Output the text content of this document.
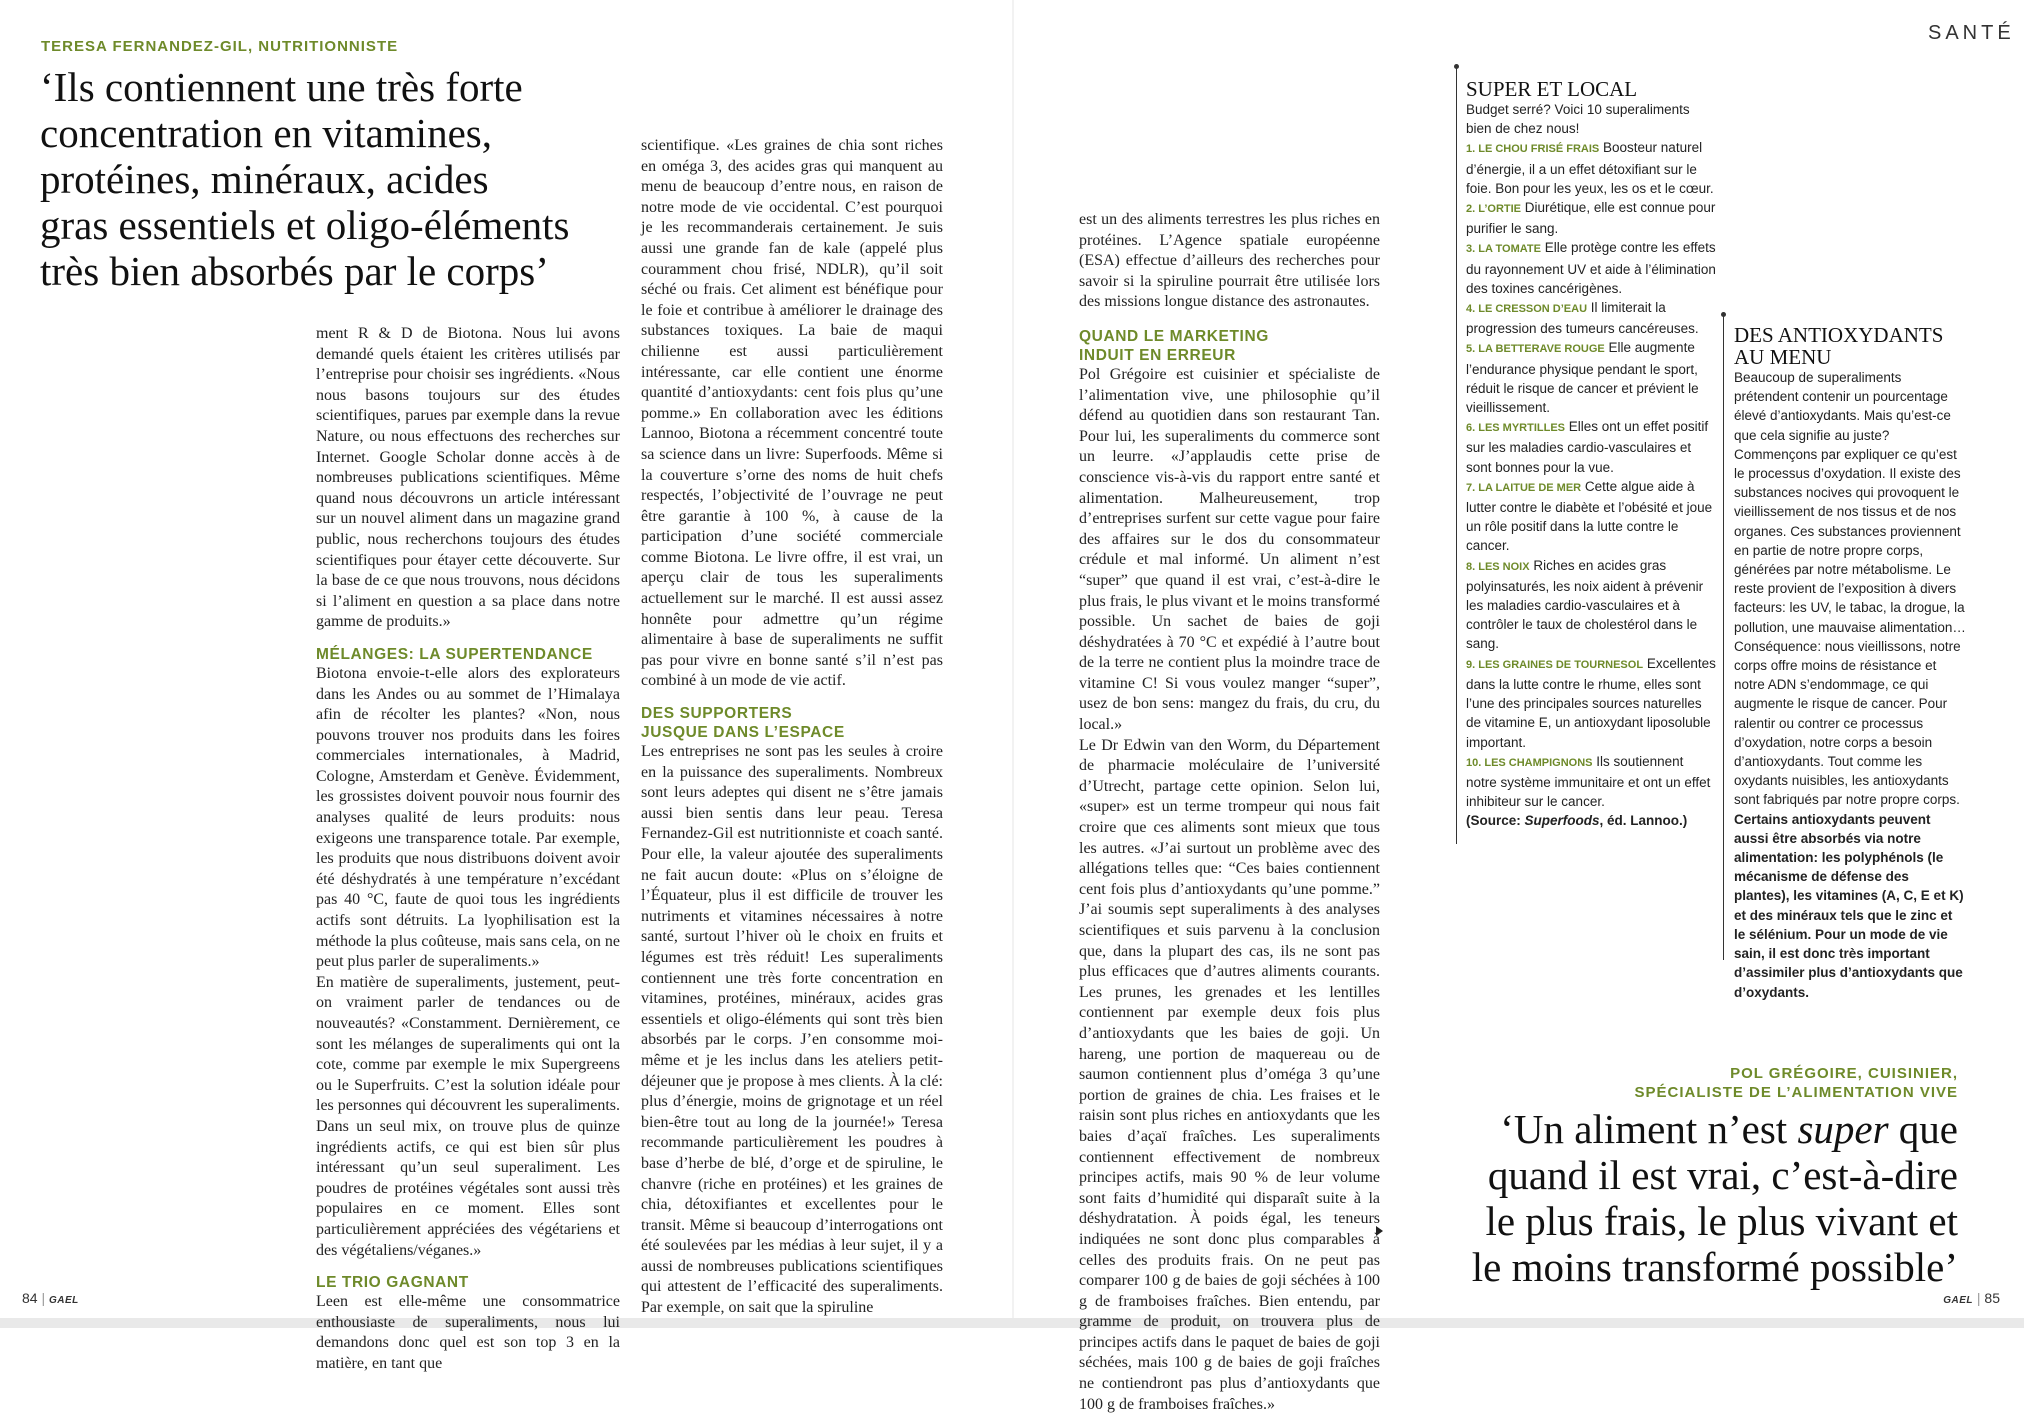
TERESA FERNANDEZ-GIL, NUTRITIONNISTE
‘Ils contiennent une très forte
concentration en vitamines,
protéines, minéraux, acides
gras essentiels et oligo-éléments
très bien absorbés par le corps’

ment R & D de Biotona. Nous lui avons demandé quels étaient les critères utilisés par l’entreprise pour choisir ses ingrédients. «Nous nous basons toujours sur des études scientifiques, parues par exemple dans la revue Nature, ou nous effectuons des recherches sur Internet. Google Scholar donne accès à de nombreuses publications scientifiques. Même quand nous découvrons un article intéressant sur un nouvel aliment dans un magazine grand public, nous recherchons toujours des études scientifiques pour étayer cette découverte. Sur la base de ce que nous trouvons, nous décidons si l’aliment en question a sa place dans notre gamme de produits.»

MÉLANGES: LA SUPERTENDANCE

Biotona envoie-t-elle alors des explorateurs dans les Andes ou au sommet de l’Himalaya afin de récolter les plantes? «Non, nous pouvons trouver nos produits dans les foires commerciales internationales, à Madrid, Cologne, Amsterdam et Genève. Évidemment, les grossistes doivent pouvoir nous fournir des analyses qualité de leurs produits: nous exigeons une transparence totale. Par exemple, les produits que nous distribuons doivent avoir été déshydratés à une température n’excédant pas 40 °C, faute de quoi tous les ingrédients actifs sont détruits. La lyophilisation est la méthode la plus coûteuse, mais sans cela, on ne peut plus parler de superaliments.»

En matière de superaliments, justement, peut-on vraiment parler de tendances ou de nouveautés? «Constamment. Dernièrement, ce sont les mélanges de superaliments qui ont la cote, comme par exemple le mix Supergreens ou le Superfruits. C’est la solution idéale pour les personnes qui découvrent les superaliments. Dans un seul mix, on trouve plus de quinze ingrédients actifs, ce qui est bien sûr plus intéressant qu’un seul superaliment. Les poudres de protéines végétales sont aussi très populaires en ce moment. Elles sont particulièrement appréciées des végétariens et des végétaliens/véganes.»

LE TRIO GAGNANT

Leen est elle-même une consommatrice enthousiaste de superaliments, nous lui demandons donc quel est son top 3 en la matière, en tant que

scientifique. «Les graines de chia sont riches en oméga 3, des acides gras qui manquent au menu de beaucoup d’entre nous, en raison de notre mode de vie occidental. C’est pourquoi je les recommanderais certainement. Je suis aussi une grande fan de kale (appelé plus couramment chou frisé, NDLR), qu’il soit séché ou frais. Cet aliment est bénéfique pour le foie et contribue à améliorer le drainage des substances toxiques. La baie de maqui chilienne est aussi particulièrement intéressante, car elle contient une énorme quantité d’antioxydants: cent fois plus qu’une pomme.» En collaboration avec les éditions Lannoo, Biotona a récemment concentré toute sa science dans un livre: Superfoods. Même si la couverture s’orne des noms de huit chefs respectés, l’objectivité de l’ouvrage ne peut être garantie à 100 %, à cause de la participation d’une société commerciale comme Biotona. Le livre offre, il est vrai, un aperçu clair de tous les superaliments actuellement sur le marché. Il est aussi assez honnête pour admettre qu’un régime alimentaire à base de superaliments ne suffit pas pour vivre en bonne santé s’il n’est pas combiné à un mode de vie actif.

DES SUPPORTERS
JUSQUE DANS L’ESPACE

Les entreprises ne sont pas les seules à croire en la puissance des superaliments. Nombreux sont leurs adeptes qui disent ne s’être jamais aussi bien sentis dans leur peau. Teresa Fernandez-Gil est nutritionniste et coach santé. Pour elle, la valeur ajoutée des superaliments ne fait aucun doute: «Plus on s’éloigne de l’Équateur, plus il est difficile de trouver les nutriments et vitamines nécessaires à notre santé, surtout l’hiver où le choix en fruits et légumes est très réduit! Les superaliments contiennent une très forte concentration en vitamines, protéines, minéraux, acides gras essentiels et oligo-éléments qui sont très bien absorbés par le corps. J’en consomme moi-même et je les inclus dans les ateliers petit-déjeuner que je propose à mes clients. À la clé: plus d’énergie, moins de grignotage et un réel bien-être tout au long de la journée!» Teresa recommande particulièrement les poudres à base d’herbe de blé, d’orge et de spiruline, le chanvre (riche en protéines) et les graines de chia, détoxifiantes et excellentes pour le transit. Même si beaucoup d’interrogations ont été soulevées par les médias à leur sujet, il y a aussi de nombreuses publications scientifiques qui attestent de l’efficacité des superaliments. Par exemple, on sait que la spiruline

84 | GAEL
SANTÉ

est un des aliments terrestres les plus riches en protéines. L’Agence spatiale européenne (ESA) effectue d’ailleurs des recherches pour savoir si la spiruline pourrait être utilisée lors des missions longue distance des astronautes.

QUAND LE MARKETING
INDUIT EN ERREUR

Pol Grégoire est cuisinier et spécialiste de l’alimentation vive, une philosophie qu’il défend au quotidien dans son restaurant Tan. Pour lui, les superaliments du commerce sont un leurre. «J’applaudis cette prise de conscience vis-à-vis du rapport entre santé et alimentation. Malheureusement, trop d’entreprises surfent sur cette vague pour faire des affaires sur le dos du consommateur crédule et mal informé. Un aliment n’est “super” que quand il est vrai, c’est-à-dire le plus frais, le plus vivant et le moins transformé possible. Un sachet de baies de goji déshydratées à 70 °C et expédié à l’autre bout de la terre ne contient plus la moindre trace de vitamine C! Si vous voulez manger “super”, usez de bon sens: mangez du frais, du cru, du local.»

Le Dr Edwin van den Worm, du Département de pharmacie moléculaire de l’université d’Utrecht, partage cette opinion. Selon lui, «super» est un terme trompeur qui nous fait croire que ces aliments sont mieux que tous les autres. «J’ai surtout un problème avec des allégations telles que: “Ces baies contiennent cent fois plus d’antioxydants qu’une pomme.” J’ai soumis sept superaliments à des analyses scientifiques et suis parvenu à la conclusion que, dans la plupart des cas, ils ne sont pas plus efficaces que d’autres aliments courants. Les prunes, les grenades et les lentilles contiennent par exemple deux fois plus d’antioxydants que les baies de goji. Un hareng, une portion de maquereau ou de saumon contiennent plus d’oméga 3 qu’une portion de graines de chia. Les fraises et le raisin sont plus riches en antioxydants que les baies d’açaï fraîches. Les superaliments contiennent effectivement de nombreux principes actifs, mais 90 % de leur volume sont faits d’humidité qui disparaît suite à la déshydratation. À poids égal, les teneurs indiquées ne sont donc plus comparables à celles des produits frais. On ne peut pas comparer 100 g de baies de goji séchées à 100 g de framboises fraîches. Bien entendu, par gramme de produit, on trouvera plus de principes actifs dans le paquet de baies de goji séchées, mais 100 g de baies de goji fraîches ne contiendront pas plus d’antioxydants que 100 g de framboises fraîches.»

SUPER ET LOCAL
Budget serré? Voici 10 superaliments bien de chez nous!
1. LE CHOU FRISÉ FRAIS Boosteur naturel d’énergie, il a un effet détoxifiant sur le foie. Bon pour les yeux, les os et le cœur.
2. L’ORTIE Diurétique, elle est connue pour purifier le sang.
3. LA TOMATE Elle protège contre les effets du rayonnement UV et aide à l’élimination des toxines cancérigènes.
4. LE CRESSON D’EAU Il limiterait la progression des tumeurs cancéreuses.
5. LA BETTERAVE ROUGE Elle augmente l’endurance physique pendant le sport, réduit le risque de cancer et prévient le vieillissement.
6. LES MYRTILLES Elles ont un effet positif sur les maladies cardio-vasculaires et sont bonnes pour la vue.
7. LA LAITUE DE MER Cette algue aide à lutter contre le diabète et l’obésité et joue un rôle positif dans la lutte contre le cancer.
8. LES NOIX Riches en acides gras polyinsaturés, les noix aident à prévenir les maladies cardio-vasculaires et à contrôler le taux de cholestérol dans le sang.
9. LES GRAINES DE TOURNESOL Excellentes dans la lutte contre le rhume, elles sont l’une des principales sources naturelles de vitamine E, un antioxydant liposoluble important.
10. LES CHAMPIGNONS Ils soutiennent notre système immunitaire et ont un effet inhibiteur sur le cancer.
(Source: Superfoods, éd. Lannoo.)
DES ANTIOXYDANTS
AU MENU
Beaucoup de superaliments prétendent contenir un pourcentage élevé d’antioxydants. Mais qu’est-ce que cela signifie au juste? Commençons par expliquer ce qu’est le processus d’oxydation. Il existe des substances nocives qui provoquent le vieillissement de nos tissus et de nos organes. Ces substances proviennent en partie de notre propre corps, générées par notre métabolisme. Le reste provient de l’exposition à divers facteurs: les UV, le tabac, la drogue, la pollution, une mauvaise alimentation… Conséquence: nous vieillissons, notre corps offre moins de résistance et notre ADN s’endommage, ce qui augmente le risque de cancer. Pour ralentir ou contrer ce processus d’oxydation, notre corps a besoin d’antioxydants. Tout comme les oxydants nuisibles, les antioxydants sont fabriqués par notre propre corps. Certains antioxydants peuvent aussi être absorbés via notre alimentation: les polyphénols (le mécanisme de défense des plantes), les vitamines (A, C, E et K) et des minéraux tels que le zinc et le sélénium. Pour un mode de vie sain, il est donc très important d’assimiler plus d’antioxydants que d’oxydants.
POL GRÉGOIRE, CUISINIER,
SPÉCIALISTE DE L’ALIMENTATION VIVE
‘Un aliment n’est super que
quand il est vrai, c’est-à-dire
le plus frais, le plus vivant et
le moins transformé possible’
GAEL | 85
